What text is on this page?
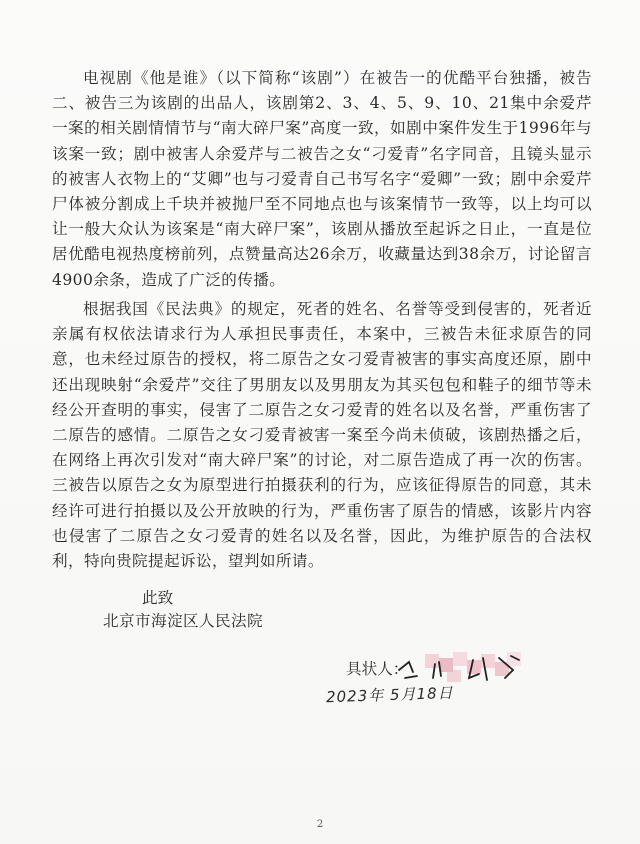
电视剧《他是谁》（以下简称“该剧”）在被告一的优酷平台独播，被告二、被告三为该剧的出品人，该剧第2、3、4、5、9、10、21集中余爱芹一案的相关剧情情节与“南大碎尸案”高度一致，如剧中案件发生于1996年与该案一致；剧中被害人余爱芹与二被告之女“刁爱青”名字同音，且镜头显示的被害人衣物上的“艾卿”也与刁爱青自己书写名字“爱卿”一致；剧中余爱芹尸体被分割成上千块并被抛尸至不同地点也与该案情节一致等，以上均可以让一般大众认为该案是“南大碎尸案”，该剧从播放至起诉之日止，一直是位居优酷电视热度榜前列，点赞量高达26余万，收藏量达到38余万，讨论留言4900余条，造成了广泛的传播。

根据我国《民法典》的规定，死者的姓名、名誉等受到侵害的，死者近亲属有权依法请求行为人承担民事责任，本案中，三被告未征求原告的同意，也未经过原告的授权，将二原告之女刁爱青被害的事实高度还原，剧中还出现映射“余爱芹”交往了男朋友以及男朋友为其买包包和鞋子的细节等未经公开查明的事实，侵害了二原告之女刁爱青的姓名以及名誉，严重伤害了二原告的感情。二原告之女刁爱青被害一案至今尚未侦破，该剧热播之后，在网络上再次引发对“南大碎尸案”的讨论，对二原告造成了再一次的伤害。三被告以原告之女为原型进行拍摄获利的行为，应该征得原告的同意，其未经许可进行拍摄以及公开放映的行为，严重伤害了原告的情感，该影片内容也侵害了二原告之女刁爱青的姓名以及名誉，因此，为维护原告的合法权利，特向贵院提起诉讼，望判如所请。

此致

北京市海淀区人民法院

具状人：
2023年 5月18日
2
